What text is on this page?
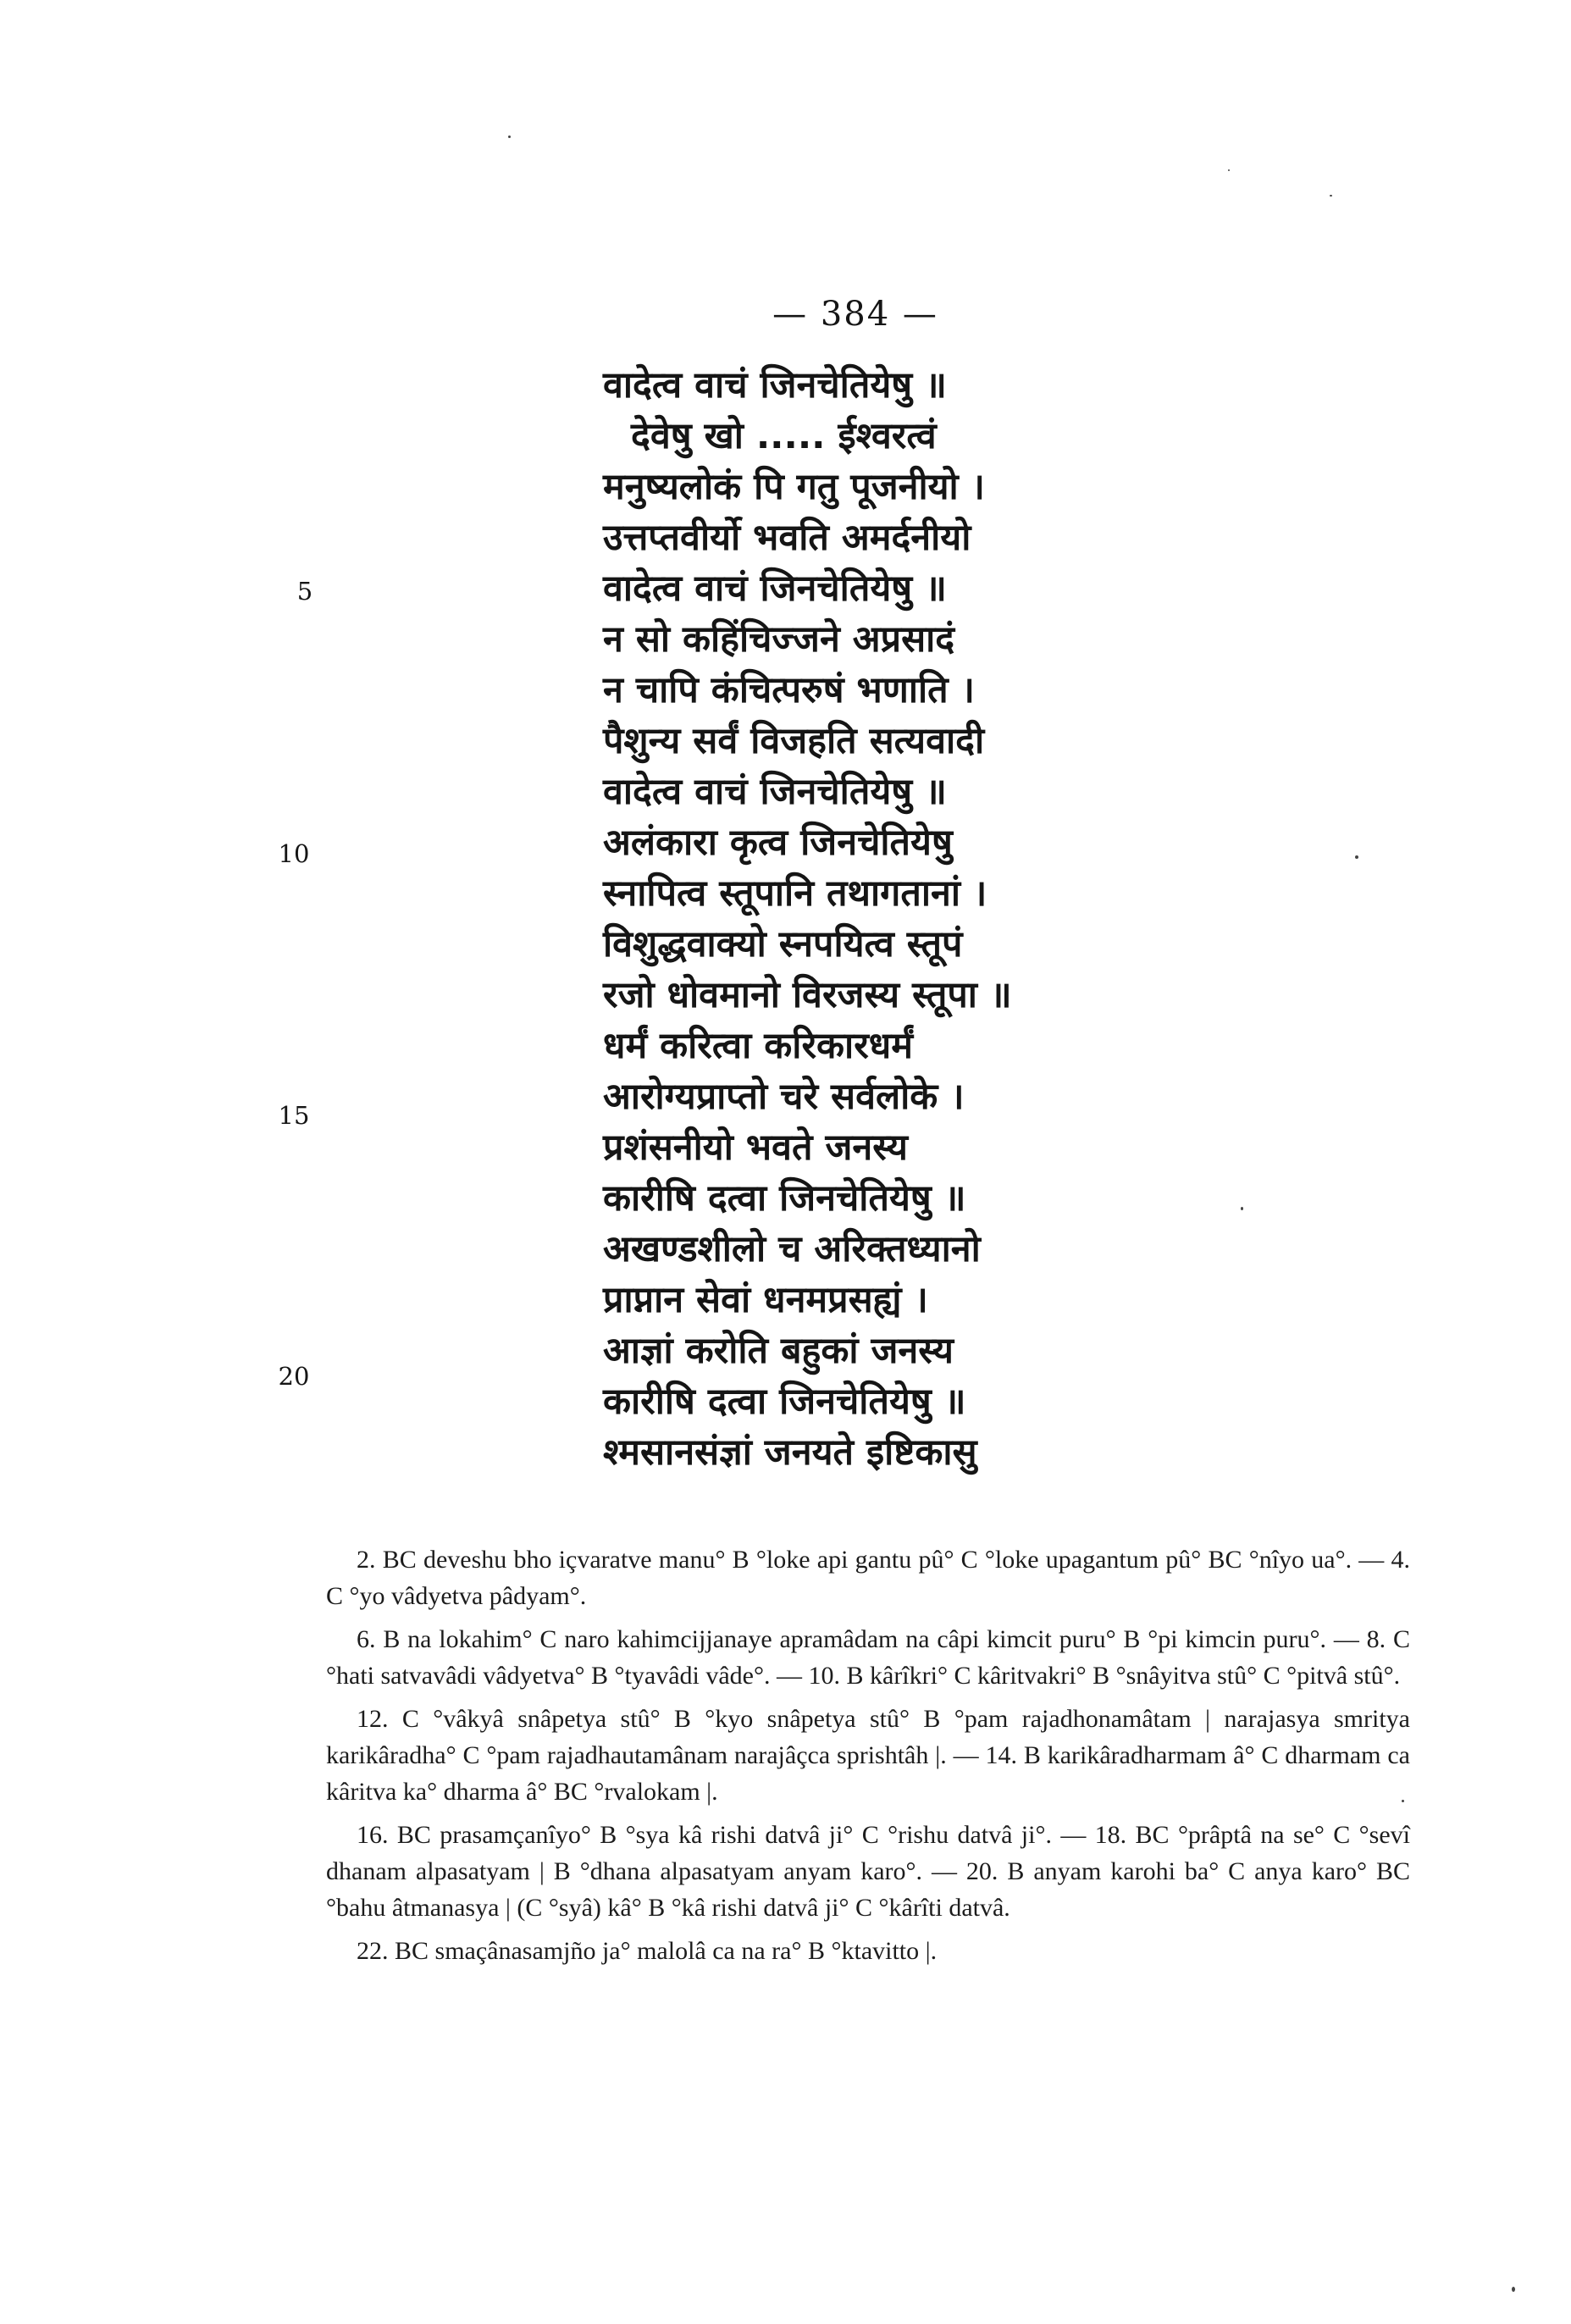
— 384 —
वादेत्व वाचं जिनचेतियेषु ॥
देवेषु खो ..... ईश्वरत्वं
मनुष्यलोकं पि गतु पूजनीयो ।
उत्तप्तवीर्यो भवति अमर्दनीयो
वादेत्व वाचं जिनचेतियेषु ॥
न सो कहिंचिज्जने अप्रसादं
न चापि कंचित्परुषं भणाति ।
पैशुन्य सर्वं विजहति सत्यवादी
वादेत्व वाचं जिनचेतियेषु ॥
अलंकारा कृत्व जिनचेतियेषु
स्नापित्व स्तूपानि तथागतानां ।
विशुद्धवाक्यो स्नपयित्व स्तूपं
रजो धोवमानो विरजस्य स्तूपा ॥
धर्मं करित्वा करिकारधर्मं
आरोग्यप्राप्तो चरे सर्वलोके ।
प्रशंसनीयो भवते जनस्य
कारीषि दत्वा जिनचेतियेषु ॥
अखण्डशीलो च अरिक्तध्यानो
प्राप्नान सेवां धनमप्रसह्यं ।
आज्ञां करोति बहुकां जनस्य
कारीषि दत्वा जिनचेतियेषु ॥
श्मसानसंज्ञां जनयते इष्टिकासु
5
10
15
20

2. BC deveshu bho içvaratve manu° B °loke api gantu pû° C °loke upagantum pû° BC °nîyo ua°. — 4. C °yo vâdyetva pâdyam°.

6. B na lokahim° C naro kahimcijjanaye apramâdam na câpi kimcit puru° B °pi kimcin puru°. — 8. C °hati satvavâdi vâdyetva° B °tyavâdi vâde°. — 10. B kârîkri° C kâritvakri° B °snâyitva stû° C °pitvâ stû°.

12. C °vâkyâ snâpetya stû° B °kyo snâpetya stû° B °pam rajadhonamâtam | narajasya smritya karikâradha° C °pam rajadhautamânam narajâçca sprishtâh |. — 14. B karikâradharmam â° C dharmam ca kâritva ka° dharma â° BC °rvalokam |.

16. BC prasamçanîyo° B °sya kâ rishi datvâ ji° C °rishu datvâ ji°. — 18. BC °prâptâ na se° C °sevî dhanam alpasatyam | B °dhana alpasatyam anyam karo°. — 20. B anyam karohi ba° C anya karo° BC °bahu âtmanasya | (C °syâ) kâ° B °kâ rishi datvâ ji° C °kârîti datvâ.

22. BC smaçânasamjño ja° malolâ ca na ra° B °ktavitto |.
